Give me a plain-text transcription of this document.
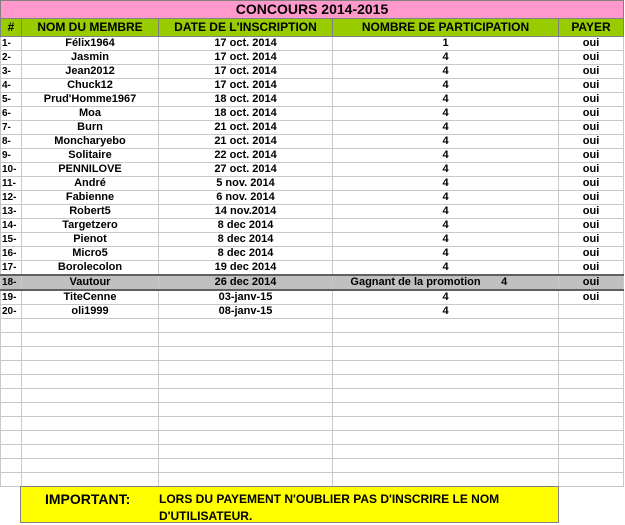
CONCOURS 2014-2015				
#	NOM DU MEMBRE	DATE DE L'INSCRIPTION	NOMBRE DE PARTICIPATION	PAYER
1-	Félix1964	17 oct. 2014	1	oui
2-	Jasmin	17 oct. 2014	4	oui
3-	Jean2012	17 oct. 2014	4	oui
4-	Chuck12	17 oct. 2014	4	oui
5-	Prud'Homme1967	18 oct. 2014	4	oui
6-	Moa	18 oct. 2014	4	oui
7-	Burn	21 oct. 2014	4	oui
8-	Moncharyebo	21 oct. 2014	4	oui
9-	Solitaire	22 oct. 2014	4	oui
10-	PENNILOVE	27 oct. 2014	4	oui
11-	André	5 nov. 2014	4	oui
12-	Fabienne	6 nov. 2014	4	oui
13-	Robert5	14 nov.2014	4	oui
14-	Targetzero	8 dec 2014	4	oui
15-	Pienot	8 dec 2014	4	oui
16-	Micro5	8 dec 2014	4	oui
17-	Borolecolon	19 dec 2014	4	oui
18-	Vautour	26 dec 2014	Gagnant de la promotion 4	oui
19-	TiteCenne	03-janv-15	4	oui
20-	oli1999	08-janv-15	4	

IMPORTANT: LORS DU PAYEMENT N'OUBLIER PAS D'INSCRIRE LE NOM D'UTILISATEUR.
